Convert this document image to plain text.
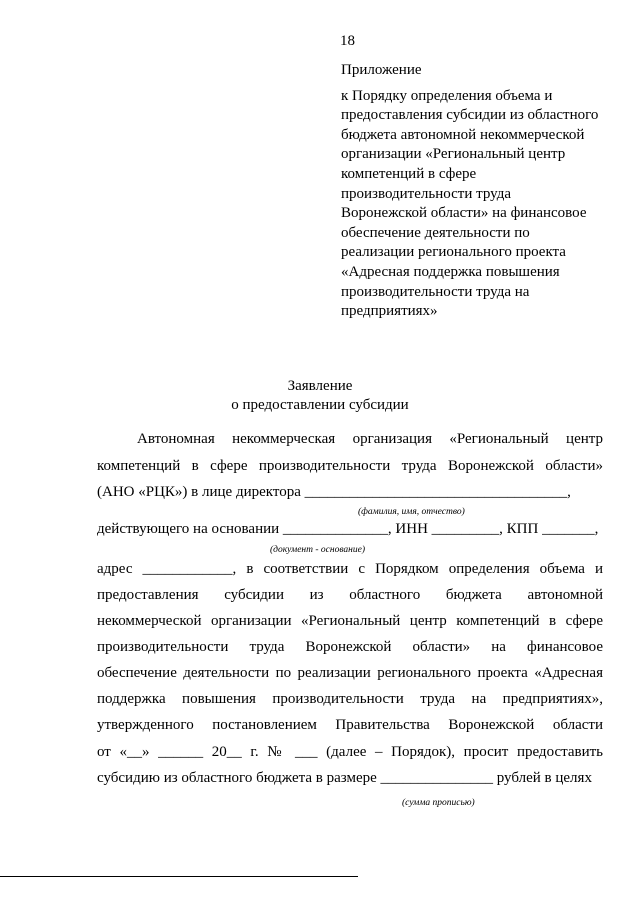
18
Приложение
к Порядку определения объема и
предоставления субсидии из областного
бюджета автономной некоммерческой
организации «Региональный центр
компетенций в сфере
производительности труда
Воронежской области» на финансовое
обеспечение деятельности по
реализации регионального проекта
«Адресная поддержка повышения
производительности труда на
предприятиях»
Заявление
о предоставлении субсидии
Автономная некоммерческая организация «Региональный центр
компетенций в сфере производительности труда Воронежской области»
(АНО «РЦК») в лице директора ___________________________________,
(фамилия, имя, отчество)
действующего на основании ______________, ИНН _________, КПП _______,
(документ - основание)
адрес ____________, в соответствии с Порядком определения объема и
предоставления субсидии из областного бюджета автономной
некоммерческой организации «Региональный центр компетенций в сфере
производительности труда Воронежской области» на финансовое
обеспечение деятельности по реализации регионального проекта «Адресная
поддержка повышения производительности труда на предприятиях»,
утвержденного постановлением Правительства Воронежской области
от «__» ______ 20__ г. № ___ (далее – Порядок), просит предоставить
субсидию из областного бюджета в размере _______________ рублей в целях
(сумма прописью)
